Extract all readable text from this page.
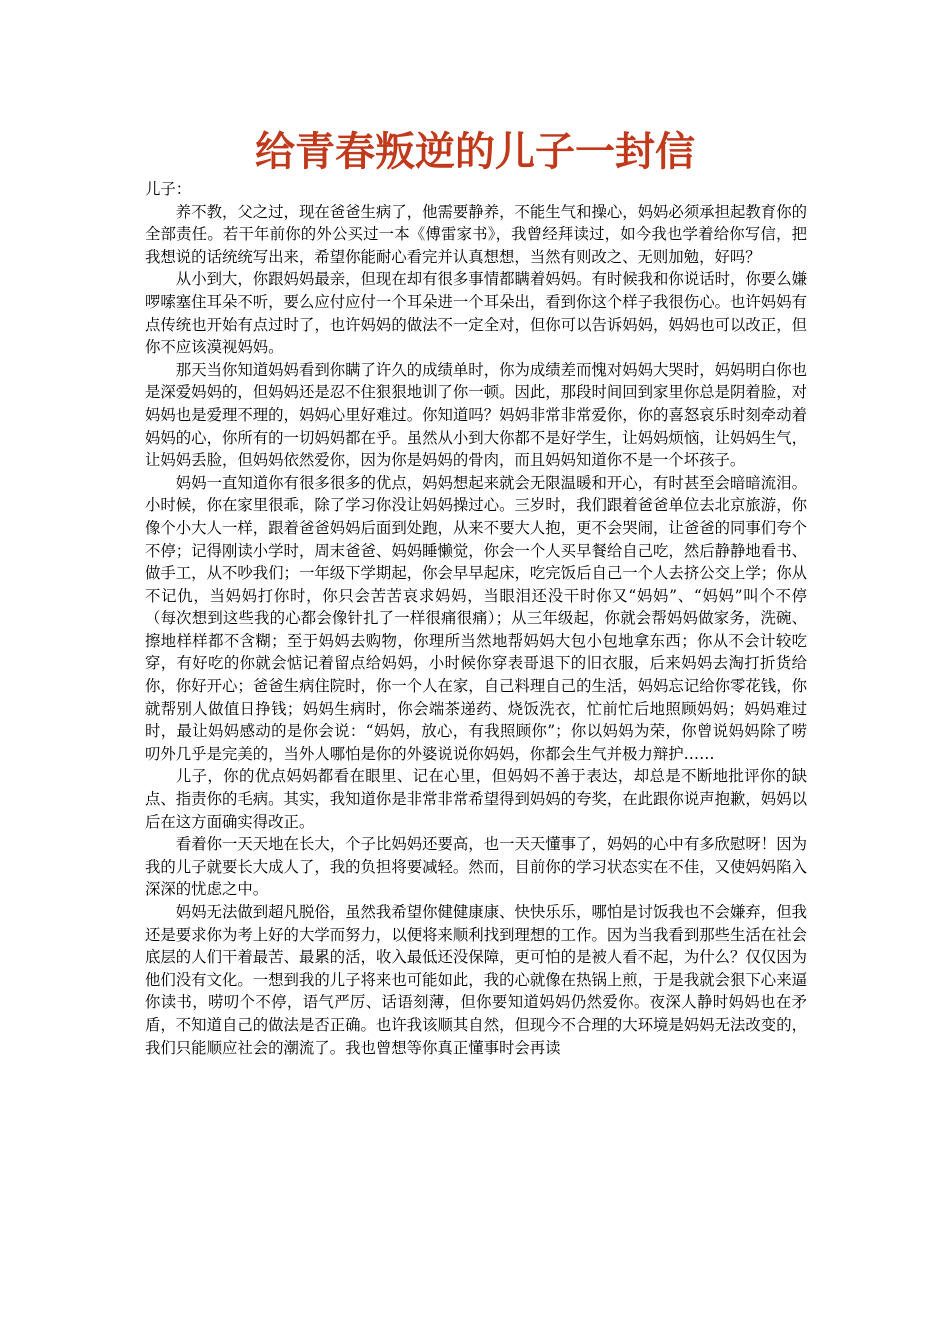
给青春叛逆的儿子一封信

儿子：

养不教，父之过，现在爸爸生病了，他需要静养，不能生气和操心，妈妈必须承担起教育你的全部责任。若干年前你的外公买过一本《傅雷家书》，我曾经拜读过，如今我也学着给你写信，把我想说的话统统写出来，希望你能耐心看完并认真想想，当然有则改之、无则加勉，好吗？

从小到大，你跟妈妈最亲，但现在却有很多事情都瞒着妈妈。有时候我和你说话时，你要么嫌啰嗦塞住耳朵不听，要么应付应付一个耳朵进一个耳朵出，看到你这个样子我很伤心。也许妈妈有点传统也开始有点过时了，也许妈妈的做法不一定全对，但你可以告诉妈妈，妈妈也可以改正，但你不应该漠视妈妈。

那天当你知道妈妈看到你瞒了许久的成绩单时，你为成绩差而愧对妈妈大哭时，妈妈明白你也是深爱妈妈的，但妈妈还是忍不住狠狠地训了你一顿。因此，那段时间回到家里你总是阴着脸，对妈妈也是爱理不理的，妈妈心里好难过。你知道吗？妈妈非常非常爱你，你的喜怒哀乐时刻牵动着妈妈的心，你所有的一切妈妈都在乎。虽然从小到大你都不是好学生，让妈妈烦恼，让妈妈生气，让妈妈丢脸，但妈妈依然爱你，因为你是妈妈的骨肉，而且妈妈知道你不是一个坏孩子。

妈妈一直知道你有很多很多的优点，妈妈想起来就会无限温暖和开心，有时甚至会暗暗流泪。小时候，你在家里很乖，除了学习你没让妈妈操过心。三岁时，我们跟着爸爸单位去北京旅游，你像个小大人一样，跟着爸爸妈妈后面到处跑，从来不要大人抱，更不会哭闹，让爸爸的同事们夸个不停；记得刚读小学时，周末爸爸、妈妈睡懒觉，你会一个人买早餐给自己吃，然后静静地看书、做手工，从不吵我们；一年级下学期起，你会早早起床，吃完饭后自己一个人去挤公交上学；你从不记仇，当妈妈打你时，你只会苦苦哀求妈妈，当眼泪还没干时你又“妈妈”、“妈妈”叫个不停（每次想到这些我的心都会像针扎了一样很痛很痛）；从三年级起，你就会帮妈妈做家务，洗碗、擦地样样都不含糊；至于妈妈去购物，你理所当然地帮妈妈大包小包地拿东西；你从不会计较吃穿，有好吃的你就会惦记着留点给妈妈，小时候你穿表哥退下的旧衣服，后来妈妈去淘打折货给你，你好开心；爸爸生病住院时，你一个人在家，自己料理自己的生活，妈妈忘记给你零花钱，你就帮别人做值日挣钱；妈妈生病时，你会端茶递药、烧饭洗衣，忙前忙后地照顾妈妈；妈妈难过时，最让妈妈感动的是你会说：“妈妈，放心，有我照顾你”；你以妈妈为荣，你曾说妈妈除了唠叨外几乎是完美的，当外人哪怕是你的外婆说说你妈妈，你都会生气并极力辩护……

儿子，你的优点妈妈都看在眼里、记在心里，但妈妈不善于表达，却总是不断地批评你的缺点、指责你的毛病。其实，我知道你是非常非常希望得到妈妈的夸奖，在此跟你说声抱歉，妈妈以后在这方面确实得改正。

看着你一天天地在长大，个子比妈妈还要高，也一天天懂事了，妈妈的心中有多欣慰呀！因为我的儿子就要长大成人了，我的负担将要减轻。然而，目前你的学习状态实在不佳，又使妈妈陷入深深的忧虑之中。

妈妈无法做到超凡脱俗，虽然我希望你健健康康、快快乐乐，哪怕是讨饭我也不会嫌弃，但我还是要求你为考上好的大学而努力，以便将来顺利找到理想的工作。因为当我看到那些生活在社会底层的人们干着最苦、最累的活，收入最低还没保障，更可怕的是被人看不起，为什么？仅仅因为他们没有文化。一想到我的儿子将来也可能如此，我的心就像在热锅上煎，于是我就会狠下心来逼你读书，唠叨个不停，语气严厉、话语刻薄，但你要知道妈妈仍然爱你。夜深人静时妈妈也在矛盾，不知道自己的做法是否正确。也许我该顺其自然，但现今不合理的大环境是妈妈无法改变的，我们只能顺应社会的潮流了。我也曾想等你真正懂事时会再读
